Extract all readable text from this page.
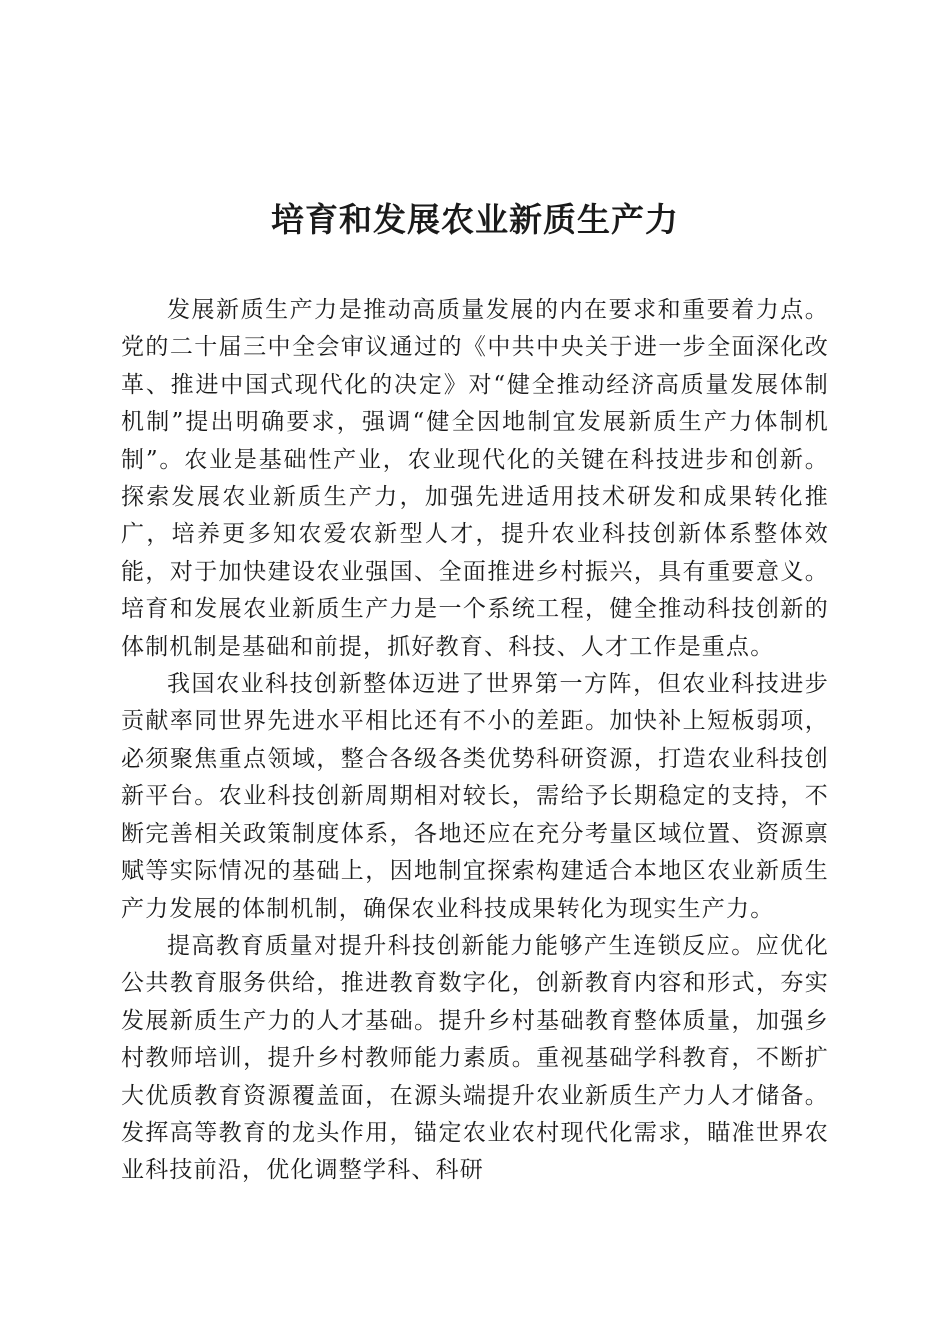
培育和发展农业新质生产力

发展新质生产力是推动高质量发展的内在要求和重要着力点。党的二十届三中全会审议通过的《中共中央关于进一步全面深化改革、推进中国式现代化的决定》对“健全推动经济高质量发展体制机制”提出明确要求，强调“健全因地制宜发展新质生产力体制机制”。农业是基础性产业，农业现代化的关键在科技进步和创新。探索发展农业新质生产力，加强先进适用技术研发和成果转化推广，培养更多知农爱农新型人才，提升农业科技创新体系整体效能，对于加快建设农业强国、全面推进乡村振兴，具有重要意义。培育和发展农业新质生产力是一个系统工程，健全推动科技创新的体制机制是基础和前提，抓好教育、科技、人才工作是重点。

我国农业科技创新整体迈进了世界第一方阵，但农业科技进步贡献率同世界先进水平相比还有不小的差距。加快补上短板弱项，必须聚焦重点领域，整合各级各类优势科研资源，打造农业科技创新平台。农业科技创新周期相对较长，需给予长期稳定的支持，不断完善相关政策制度体系，各地还应在充分考量区域位置、资源禀赋等实际情况的基础上，因地制宜探索构建适合本地区农业新质生产力发展的体制机制，确保农业科技成果转化为现实生产力。

提高教育质量对提升科技创新能力能够产生连锁反应。应优化公共教育服务供给，推进教育数字化，创新教育内容和形式，夯实发展新质生产力的人才基础。提升乡村基础教育整体质量，加强乡村教师培训，提升乡村教师能力素质。重视基础学科教育，不断扩大优质教育资源覆盖面，在源头端提升农业新质生产力人才储备。发挥高等教育的龙头作用，锚定农业农村现代化需求，瞄准世界农业科技前沿，优化调整学科、科研
